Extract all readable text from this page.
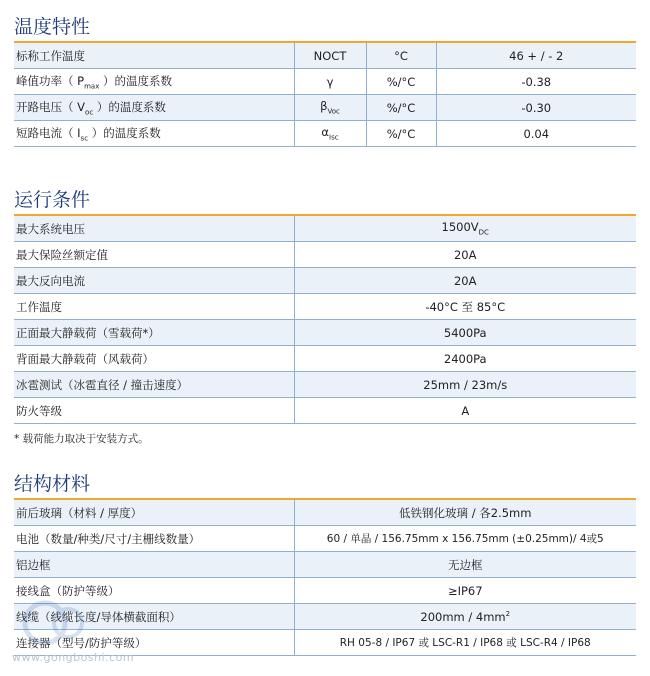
温度特性
标称工作温度	NOCT	°C	46 + / - 2
峰值功率（ $P_{max}$ ）的温度系数	γ	%/°C	-0.38
开路电压（ $V_{oc}$ ）的温度系数	$\beta_{Voc}$	%/°C	-0.30
短路电流（ $I_{sc}$ ）的温度系数	$\alpha_{Isc}$	%/°C	0.04
运行条件
最大系统电压	$1500V_{DC}$
最大保险丝额定值	20A
最大反向电流	20A
工作温度	-40°C 至 85°C
正面最大静载荷（雪载荷*）	5400Pa
背面最大静载荷（风载荷）	2400Pa
冰雹测试（冰雹直径 / 撞击速度）	25mm / 23m/s
防火等级	A
* 载荷能力取决于安装方式。
结构材料
前后玻璃（材料 / 厚度）	低铁钢化玻璃 / 各2.5mm
电池（数量/种类/尺寸/主栅线数量）	60 / 单晶 / 156.75mm x 156.75mm (±0.25mm)/ 4或5
铝边框	无边框
接线盒（防护等级）	≥IP67
线缆（线缆长度/导体横截面积）	$200mm / 4mm^2$
连接器（型号/防护等级）	RH 05-8 / IP67 或 LSC-R1 / IP68 或 LSC-R4 / IP68
www.gongboshi.com
